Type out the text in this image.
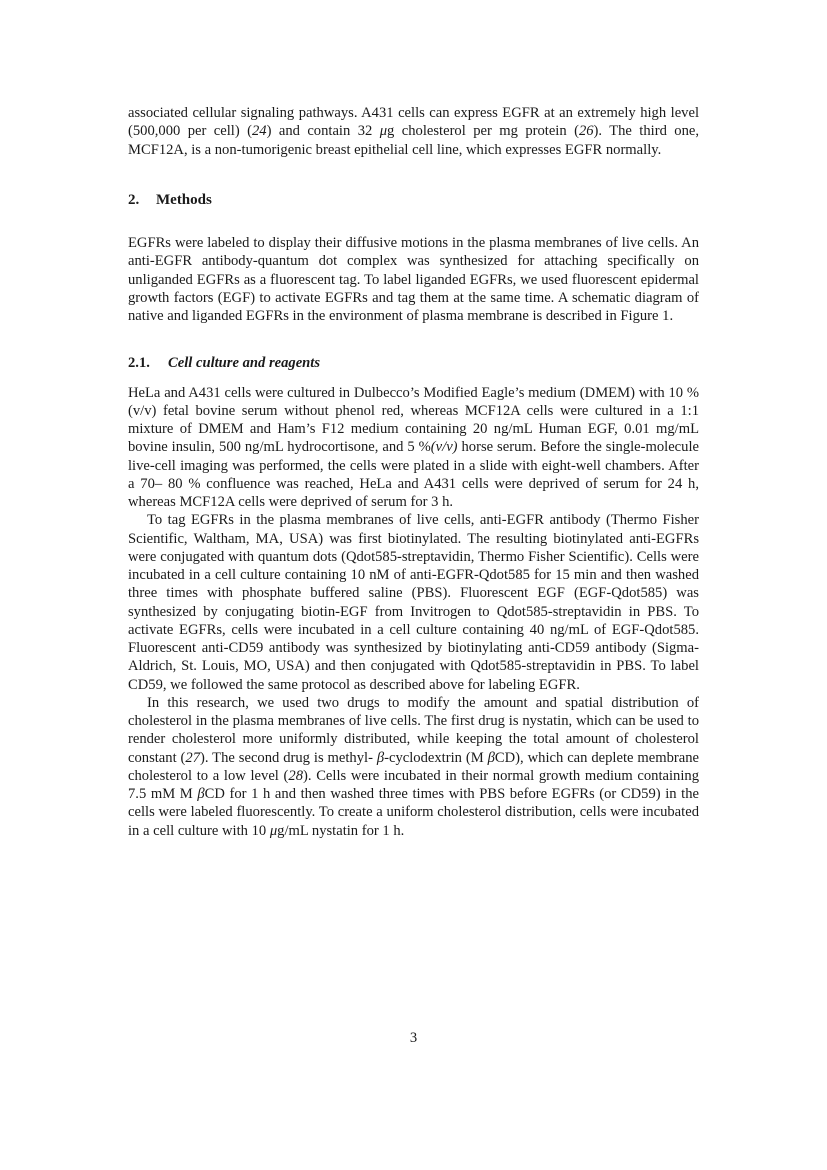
associated cellular signaling pathways. A431 cells can express EGFR at an extremely high level (500,000 per cell) (24) and contain 32 μg cholesterol per mg protein (26). The third one, MCF12A, is a non-tumorigenic breast epithelial cell line, which expresses EGFR normally.

2. Methods

EGFRs were labeled to display their diffusive motions in the plasma membranes of live cells. An anti-EGFR antibody-quantum dot complex was synthesized for attaching specifically on unliganded EGFRs as a fluorescent tag. To label liganded EGFRs, we used fluorescent epidermal growth factors (EGF) to activate EGFRs and tag them at the same time. A schematic diagram of native and liganded EGFRs in the environment of plasma membrane is described in Figure 1.

2.1. Cell culture and reagents

HeLa and A431 cells were cultured in Dulbecco’s Modified Eagle’s medium (DMEM) with 10 % (v/v) fetal bovine serum without phenol red, whereas MCF12A cells were cultured in a 1:1 mixture of DMEM and Ham’s F12 medium containing 20 ng/mL Human EGF, 0.01 mg/mL bovine insulin, 500 ng/mL hydrocortisone, and 5 %(v/v) horse serum. Before the single-molecule live-cell imaging was performed, the cells were plated in a slide with eight-well chambers. After a 70– 80 % confluence was reached, HeLa and A431 cells were deprived of serum for 24 h, whereas MCF12A cells were deprived of serum for 3 h.

To tag EGFRs in the plasma membranes of live cells, anti-EGFR antibody (Thermo Fisher Scientific, Waltham, MA, USA) was first biotinylated. The resulting biotinylated anti-EGFRs were conjugated with quantum dots (Qdot585-streptavidin, Thermo Fisher Scientific). Cells were incubated in a cell culture containing 10 nM of anti-EGFR-Qdot585 for 15 min and then washed three times with phosphate buffered saline (PBS). Fluorescent EGF (EGF-Qdot585) was synthesized by conjugating biotin-EGF from Invitrogen to Qdot585-streptavidin in PBS. To activate EGFRs, cells were incubated in a cell culture containing 40 ng/mL of EGF-Qdot585. Fluorescent anti-CD59 antibody was synthesized by biotinylating anti-CD59 antibody (Sigma-Aldrich, St. Louis, MO, USA) and then conjugated with Qdot585-streptavidin in PBS. To label CD59, we followed the same protocol as described above for labeling EGFR.

In this research, we used two drugs to modify the amount and spatial distribution of cholesterol in the plasma membranes of live cells. The first drug is nystatin, which can be used to render cholesterol more uniformly distributed, while keeping the total amount of cholesterol constant (27). The second drug is methyl- β-cyclodextrin (M βCD), which can deplete membrane cholesterol to a low level (28). Cells were incubated in their normal growth medium containing 7.5 mM M βCD for 1 h and then washed three times with PBS before EGFRs (or CD59) in the cells were labeled fluorescently. To create a uniform cholesterol distribution, cells were incubated in a cell culture with 10 μg/mL nystatin for 1 h.

3
